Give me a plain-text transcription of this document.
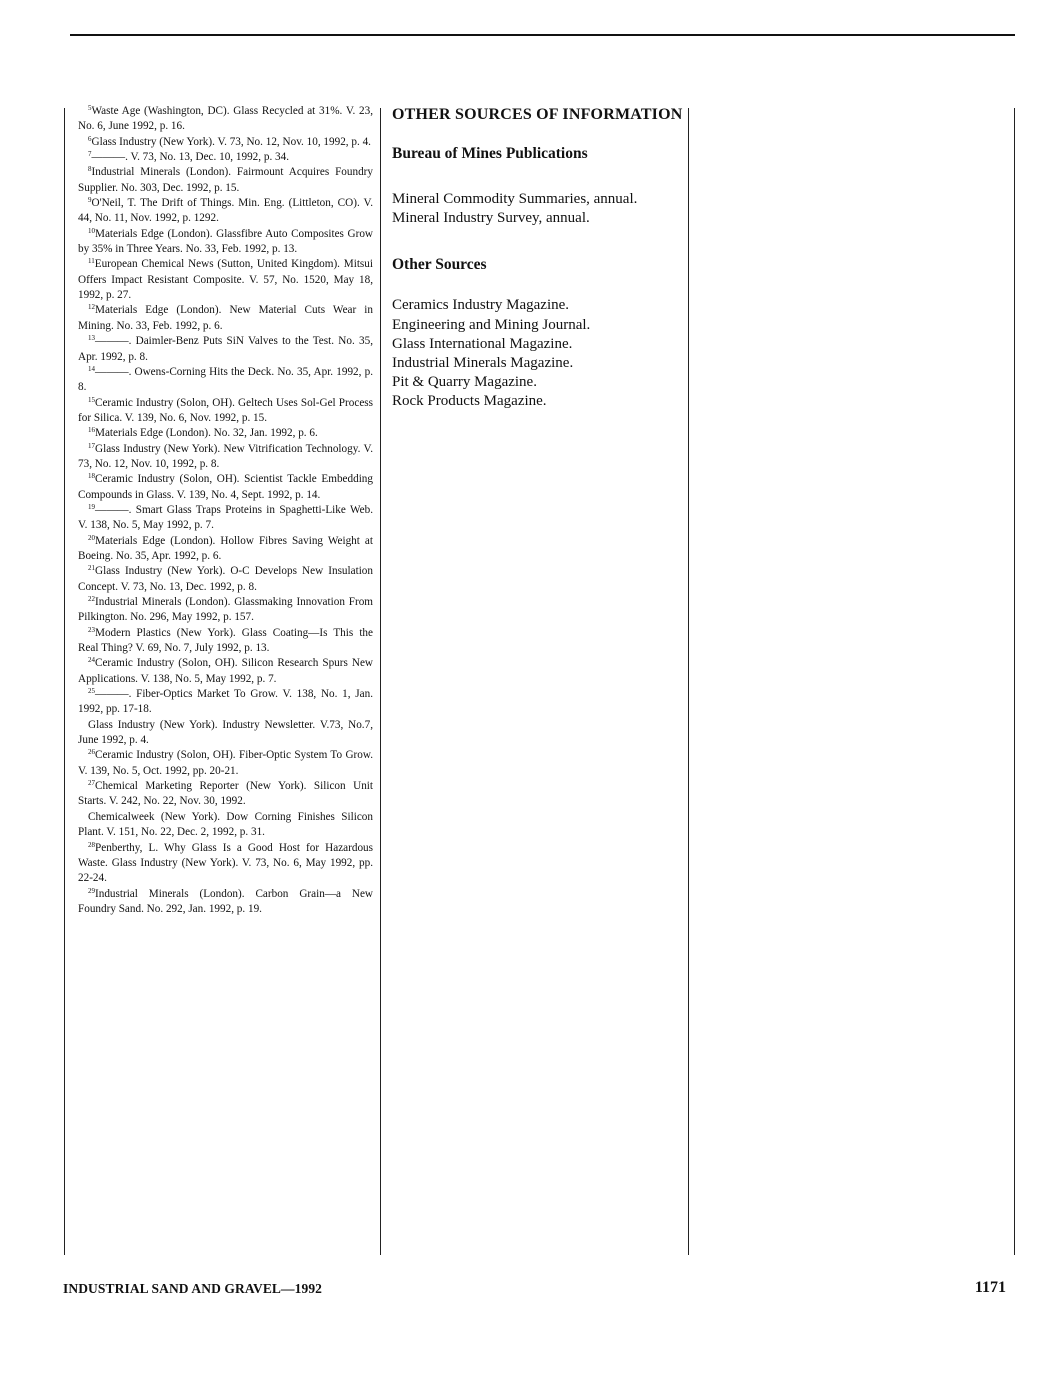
$^5$Waste Age (Washington, DC). Glass Recycled at 31%. V. 23, No. 6, June 1992, p. 16.

$^6$Glass Industry (New York). V. 73, No. 12, Nov. 10, 1992, p. 4.

$^7$———. V. 73, No. 13, Dec. 10, 1992, p. 34.

$^8$Industrial Minerals (London). Fairmount Acquires Foundry Supplier. No. 303, Dec. 1992, p. 15.

$^9$O'Neil, T. The Drift of Things. Min. Eng. (Littleton, CO). V. 44, No. 11, Nov. 1992, p. 1292.

$^{10}$Materials Edge (London). Glassfibre Auto Composites Grow by 35% in Three Years. No. 33, Feb. 1992, p. 13.

$^{11}$European Chemical News (Sutton, United Kingdom). Mitsui Offers Impact Resistant Composite. V. 57, No. 1520, May 18, 1992, p. 27.

$^{12}$Materials Edge (London). New Material Cuts Wear in Mining. No. 33, Feb. 1992, p. 6.

$^{13}$———. Daimler-Benz Puts SiN Valves to the Test. No. 35, Apr. 1992, p. 8.

$^{14}$———. Owens-Corning Hits the Deck. No. 35, Apr. 1992, p. 8.

$^{15}$Ceramic Industry (Solon, OH). Geltech Uses Sol-Gel Process for Silica. V. 139, No. 6, Nov. 1992, p. 15.

$^{16}$Materials Edge (London). No. 32, Jan. 1992, p. 6.

$^{17}$Glass Industry (New York). New Vitrification Technology. V. 73, No. 12, Nov. 10, 1992, p. 8.

$^{18}$Ceramic Industry (Solon, OH). Scientist Tackle Embedding Compounds in Glass. V. 139, No. 4, Sept. 1992, p. 14.

$^{19}$———. Smart Glass Traps Proteins in Spaghetti-Like Web. V. 138, No. 5, May 1992, p. 7.

$^{20}$Materials Edge (London). Hollow Fibres Saving Weight at Boeing. No. 35, Apr. 1992, p. 6.

$^{21}$Glass Industry (New York). O-C Develops New Insulation Concept. V. 73, No. 13, Dec. 1992, p. 8.

$^{22}$Industrial Minerals (London). Glassmaking Innovation From Pilkington. No. 296, May 1992, p. 157.

$^{23}$Modern Plastics (New York). Glass Coating—Is This the Real Thing? V. 69, No. 7, July 1992, p. 13.

$^{24}$Ceramic Industry (Solon, OH). Silicon Research Spurs New Applications. V. 138, No. 5, May 1992, p. 7.

$^{25}$———. Fiber-Optics Market To Grow. V. 138, No. 1, Jan. 1992, pp. 17-18.

Glass Industry (New York). Industry Newsletter. V.73, No.7, June 1992, p. 4.

$^{26}$Ceramic Industry (Solon, OH). Fiber-Optic System To Grow. V. 139, No. 5, Oct. 1992, pp. 20-21.

$^{27}$Chemical Marketing Reporter (New York). Silicon Unit Starts. V. 242, No. 22, Nov. 30, 1992.

Chemicalweek (New York). Dow Corning Finishes Silicon Plant. V. 151, No. 22, Dec. 2, 1992, p. 31.

$^{28}$Penberthy, L. Why Glass Is a Good Host for Hazardous Waste. Glass Industry (New York). V. 73, No. 6, May 1992, pp. 22-24.

$^{29}$Industrial Minerals (London). Carbon Grain—a New Foundry Sand. No. 292, Jan. 1992, p. 19.

OTHER SOURCES OF INFORMATION
Bureau of Mines Publications
Mineral Commodity Summaries, annual.
Mineral Industry Survey, annual.
Other Sources
Ceramics Industry Magazine.
Engineering and Mining Journal.
Glass International Magazine.
Industrial Minerals Magazine.
Pit & Quarry Magazine.
Rock Products Magazine.
INDUSTRIAL SAND AND GRAVEL—1992	1171
